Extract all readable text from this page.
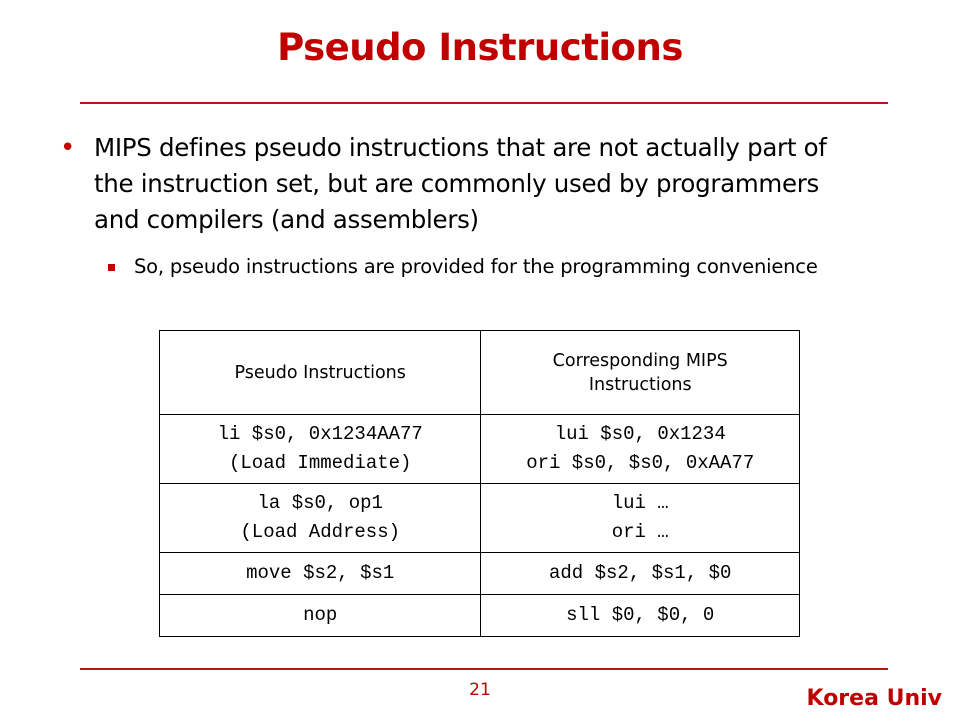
Pseudo Instructions
• MIPS defines pseudo instructions that are not actually part of the instruction set, but are commonly used by programmers and compilers (and assemblers)
So, pseudo instructions are provided for the programming convenience
Pseudo Instructions	Corresponding MIPS
Instructions

li $s0, 0x1234AA77
(Load Immediate)	lui $s0, 0x1234
ori $s0, $s0, 0xAA77

la $s0, op1
(Load Address)	lui …
ori …

move $s2, $s1	add $s2, $s1, $0

nop	sll $0, $0, 0
21	Korea Univ
